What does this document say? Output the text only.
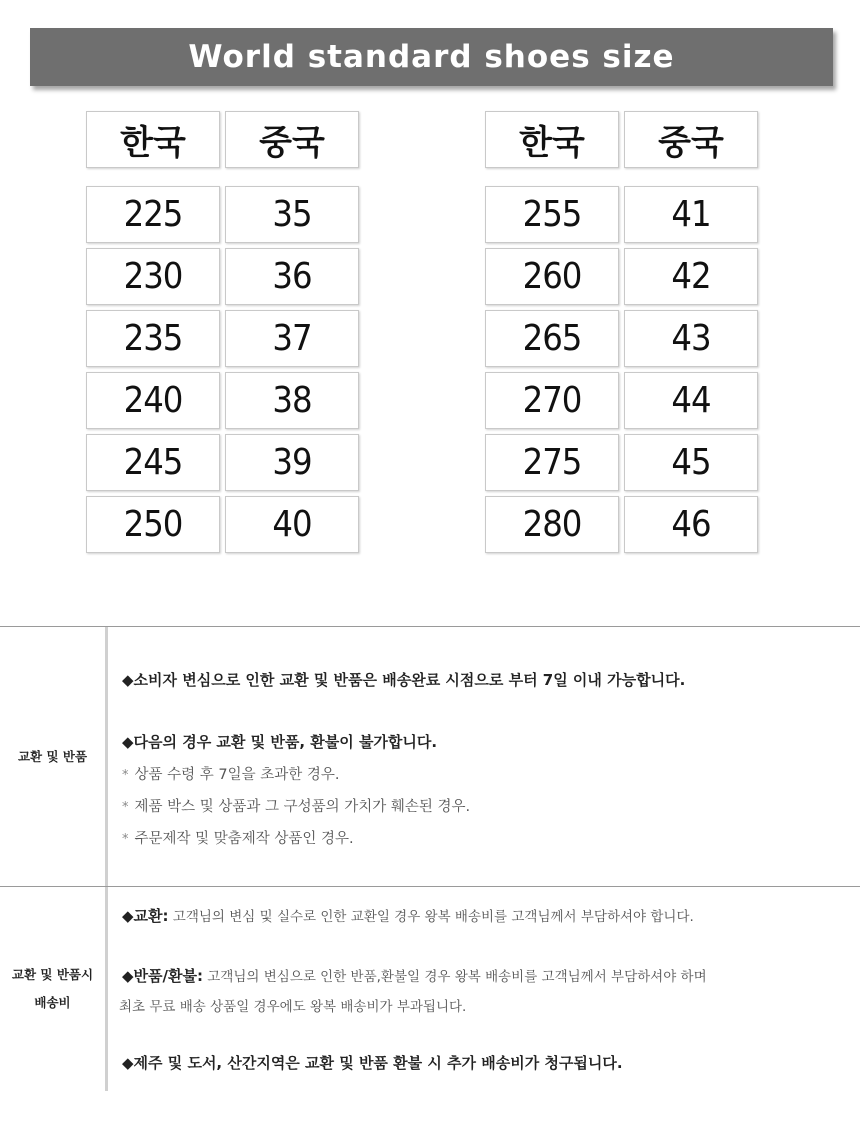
World standard shoes size
한국	중국
225	35
230	36
235	37
240	38
245	39
250	40
한국	중국
255	41
260	42
265	43
270	44
275	45
280	46
교환 및 반품
◆소비자 변심으로 인한 교환 및 반품은 배송완료 시점으로 부터 7일 이내 가능합니다.
◆다음의 경우 교환 및 반품, 환불이 불가합니다.
* 상품 수령 후 7일을 초과한 경우.
* 제품 박스 및 상품과 그 구성품의 가치가 훼손된 경우.
* 주문제작 및 맞춤제작 상품인 경우.
교환 및 반품시
배송비
◆교환: 고객님의 변심 및 실수로 인한 교환일 경우 왕복 배송비를 고객님께서 부담하셔야 합니다.
◆반품/환불: 고객님의 변심으로 인한 반품,환불일 경우 왕복 배송비를 고객님께서 부담하셔야 하며
최초 무료 배송 상품일 경우에도 왕복 배송비가 부과됩니다.
◆제주 및 도서, 산간지역은 교환 및 반품 환불 시 추가 배송비가 청구됩니다.
